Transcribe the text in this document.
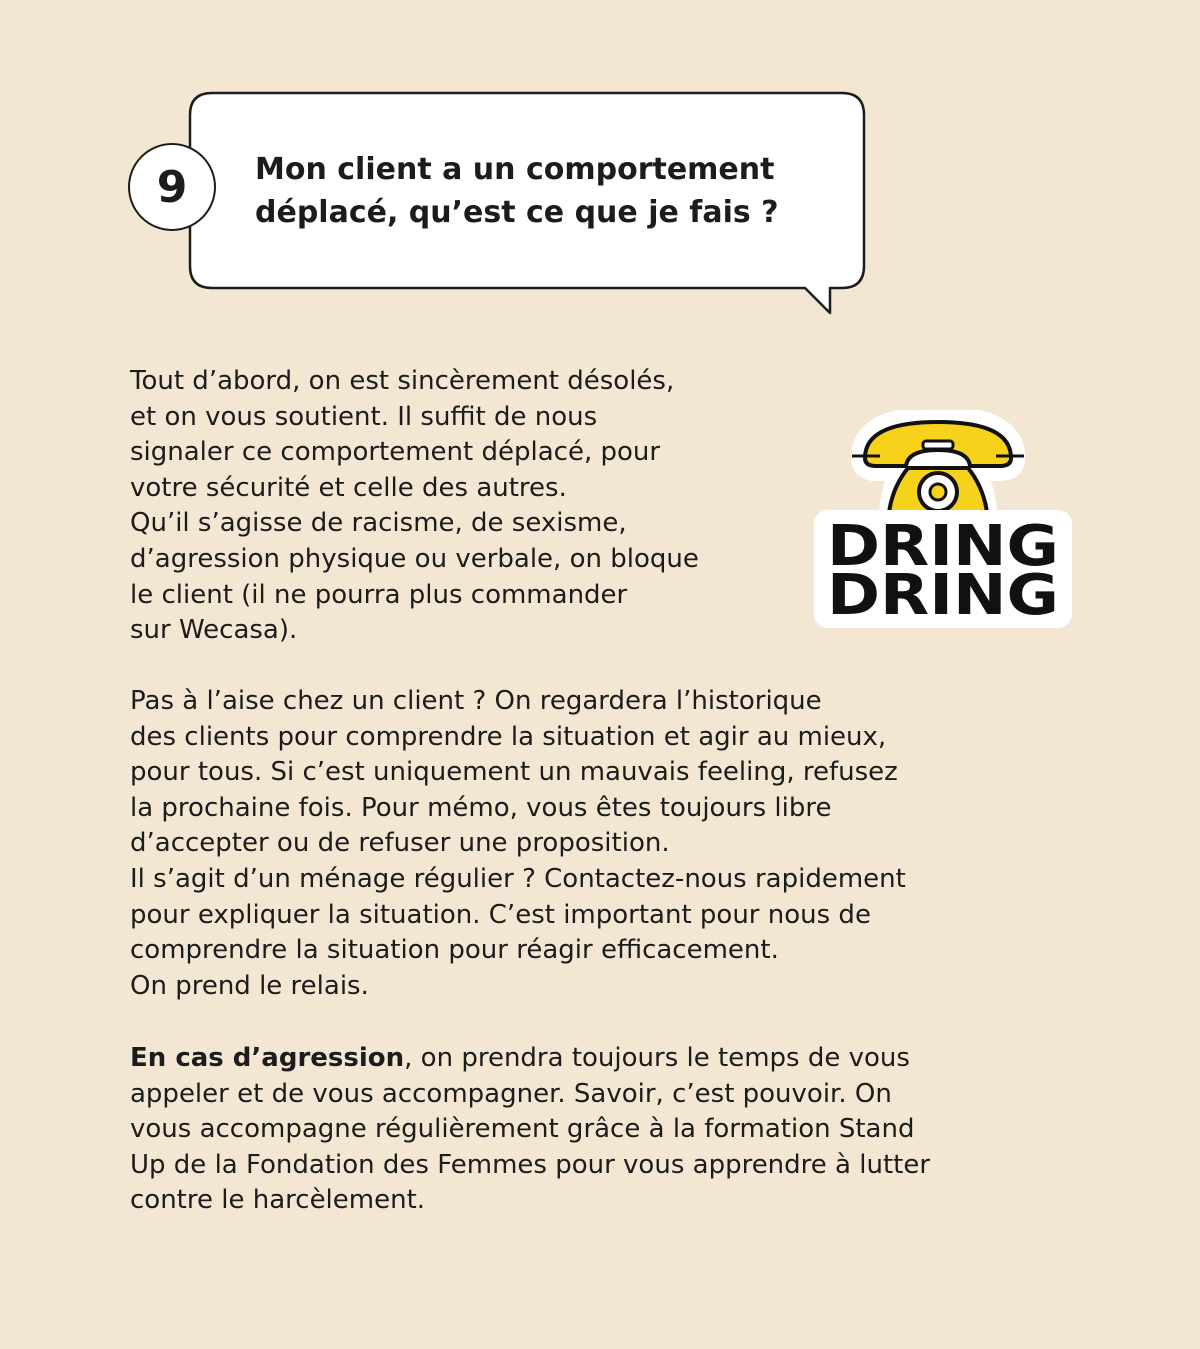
9 Mon client a un comportement déplacé, qu’est ce que je fais ?

Tout d’abord, on est sincèrement désolés,
et on vous soutient. Il suffit de nous
signaler ce comportement déplacé, pour
votre sécurité et celle des autres.
Qu’il s’agisse de racisme, de sexisme,
d’agression physique ou verbale, on bloque
le client (il ne pourra plus commander
sur Wecasa).

DRING
DRING

Pas à l’aise chez un client ? On regardera l’historique
des clients pour comprendre la situation et agir au mieux,
pour tous. Si c’est uniquement un mauvais feeling, refusez
la prochaine fois. Pour mémo, vous êtes toujours libre
d’accepter ou de refuser une proposition.
Il s’agit d’un ménage régulier ? Contactez-nous rapidement
pour expliquer la situation. C’est important pour nous de
comprendre la situation pour réagir efficacement.
On prend le relais.

En cas d’agression, on prendra toujours le temps de vous
appeler et de vous accompagner. Savoir, c’est pouvoir. On
vous accompagne régulièrement grâce à la formation Stand
Up de la Fondation des Femmes pour vous apprendre à lutter
contre le harcèlement.
